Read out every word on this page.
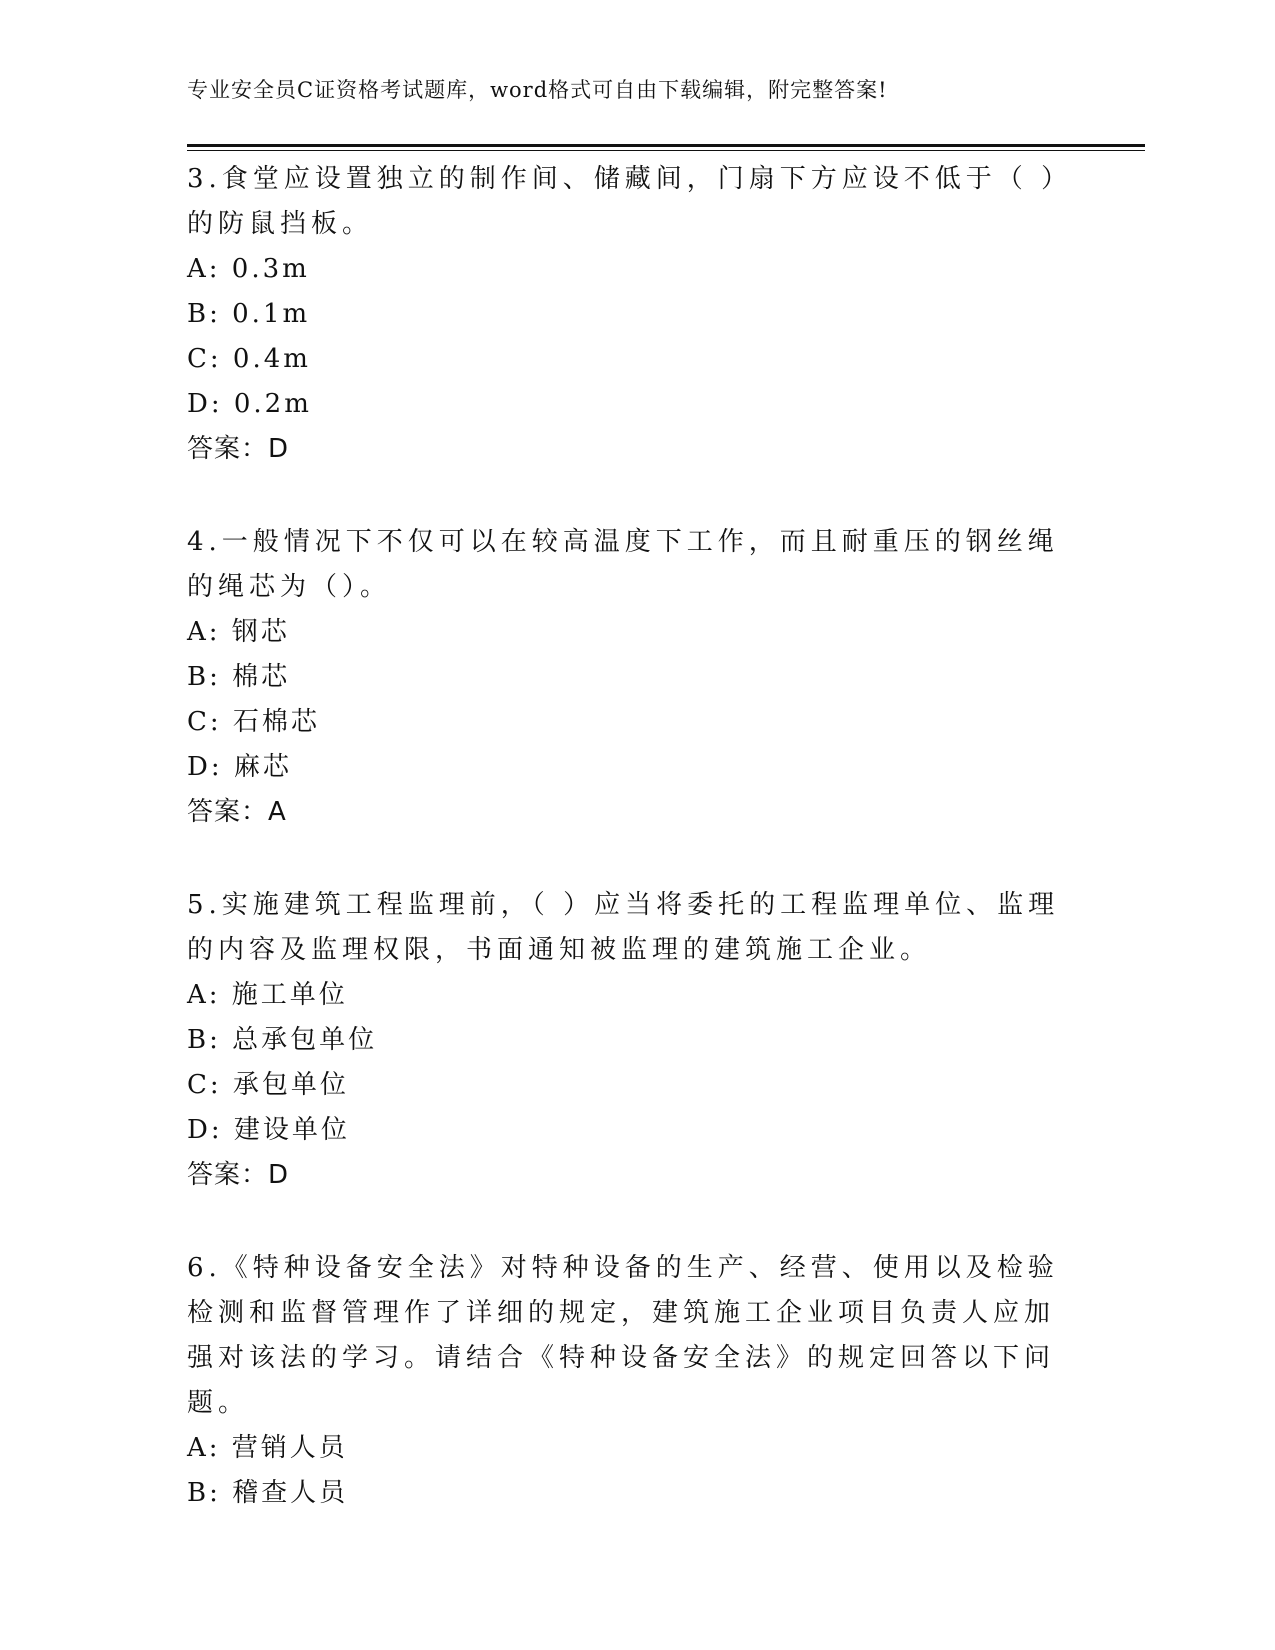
专业安全员C证资格考试题库，word格式可自由下载编辑，附完整答案!

3.食堂应设置独立的制作间、储藏间，门扇下方应设不低于（ ）的防鼠挡板。

A: 0.3m

B: 0.1m

C: 0.4m

D: 0.2m

答案：D

4.一般情况下不仅可以在较高温度下工作，而且耐重压的钢丝绳的绳芯为（）。

A: 钢芯

B: 棉芯

C: 石棉芯

D: 麻芯

答案：A

5.实施建筑工程监理前，（ ）应当将委托的工程监理单位、监理的内容及监理权限，书面通知被监理的建筑施工企业。

A: 施工单位

B: 总承包单位

C: 承包单位

D: 建设单位

答案：D

6.《特种设备安全法》对特种设备的生产、经营、使用以及检验检测和监督管理作了详细的规定，建筑施工企业项目负责人应加强对该法的学习。请结合《特种设备安全法》的规定回答以下问题。

A: 营销人员

B: 稽查人员
